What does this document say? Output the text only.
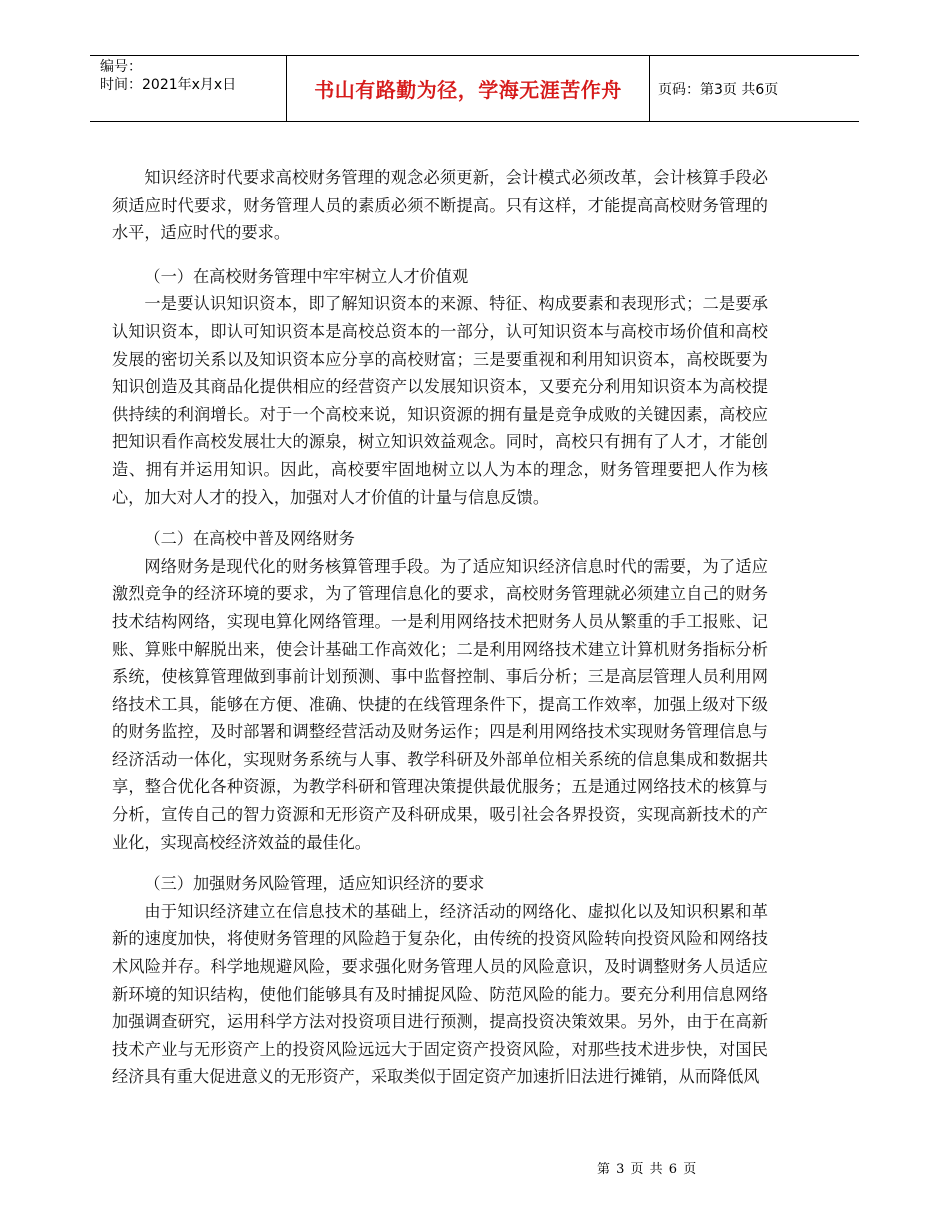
编号：
时间：2021年x月x日	书山有路勤为径，学海无涯苦作舟	页码：第3页 共6页

知识经济时代要求高校财务管理的观念必须更新，会计模式必须改革，会计核算手段必须适应时代要求，财务管理人员的素质必须不断提高。只有这样，才能提高高校财务管理的水平，适应时代的要求。

（一）在高校财务管理中牢牢树立人才价值观

一是要认识知识资本，即了解知识资本的来源、特征、构成要素和表现形式；二是要承认知识资本，即认可知识资本是高校总资本的一部分，认可知识资本与高校市场价值和高校发展的密切关系以及知识资本应分享的高校财富；三是要重视和利用知识资本，高校既要为知识创造及其商品化提供相应的经营资产以发展知识资本，又要充分利用知识资本为高校提供持续的利润增长。对于一个高校来说，知识资源的拥有量是竞争成败的关键因素，高校应把知识看作高校发展壮大的源泉，树立知识效益观念。同时，高校只有拥有了人才，才能创造、拥有并运用知识。因此，高校要牢固地树立以人为本的理念，财务管理要把人作为核心，加大对人才的投入，加强对人才价值的计量与信息反馈。

（二）在高校中普及网络财务

网络财务是现代化的财务核算管理手段。为了适应知识经济信息时代的需要，为了适应激烈竞争的经济环境的要求，为了管理信息化的要求，高校财务管理就必须建立自己的财务技术结构网络，实现电算化网络管理。一是利用网络技术把财务人员从繁重的手工报账、记账、算账中解脱出来，使会计基础工作高效化；二是利用网络技术建立计算机财务指标分析系统，使核算管理做到事前计划预测、事中监督控制、事后分析；三是高层管理人员利用网络技术工具，能够在方便、准确、快捷的在线管理条件下，提高工作效率，加强上级对下级的财务监控，及时部署和调整经营活动及财务运作；四是利用网络技术实现财务管理信息与经济活动一体化，实现财务系统与人事、教学科研及外部单位相关系统的信息集成和数据共享，整合优化各种资源，为教学科研和管理决策提供最优服务；五是通过网络技术的核算与分析，宣传自己的智力资源和无形资产及科研成果，吸引社会各界投资，实现高新技术的产业化，实现高校经济效益的最佳化。

（三）加强财务风险管理，适应知识经济的要求

由于知识经济建立在信息技术的基础上，经济活动的网络化、虚拟化以及知识积累和革新的速度加快，将使财务管理的风险趋于复杂化，由传统的投资风险转向投资风险和网络技术风险并存。科学地规避风险，要求强化财务管理人员的风险意识，及时调整财务人员适应新环境的知识结构，使他们能够具有及时捕捉风险、防范风险的能力。要充分利用信息网络加强调查研究，运用科学方法对投资项目进行预测，提高投资决策效果。另外，由于在高新技术产业与无形资产上的投资风险远远大于固定资产投资风险，对那些技术进步快，对国民经济具有重大促进意义的无形资产，采取类似于固定资产加速折旧法进行摊销，从而降低风

第 3 页 共 6 页
